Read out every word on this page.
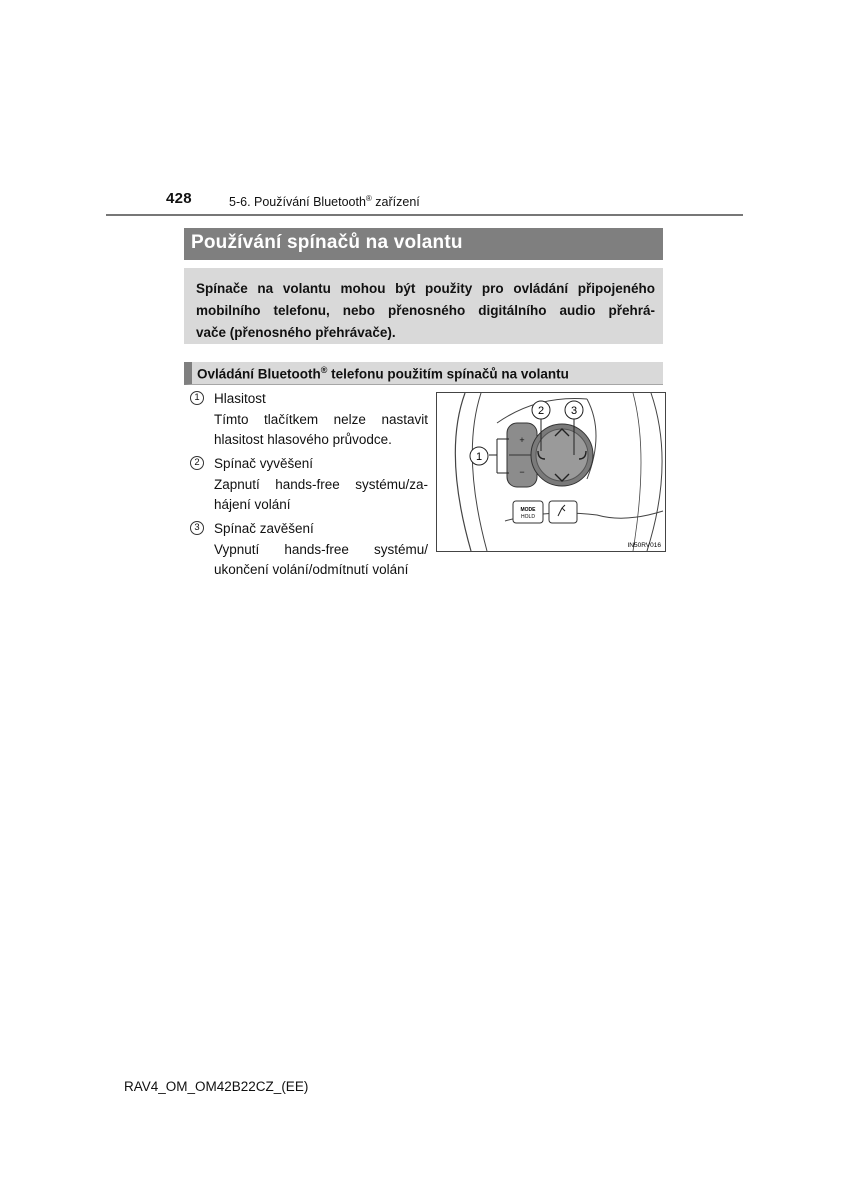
428	5-6. Používání Bluetooth® zařízení
Používání spínačů na volantu
Spínače na volantu mohou být použity pro ovládání připojeného
mobilního telefonu, nebo přenosného digitálního audio přehrá-
vače (přenosného přehrávače).
Ovládání Bluetooth® telefonu použitím spínačů na volantu
1	Hlasitost
Tímto tlačítkem nelze nastavit
hlasitost hlasového průvodce.
2	Spínač vyvěšení
Zapnutí hands-free systému/za-
hájení volání
3	Spínač zavěšení
Vypnutí hands-free systému/
ukončení volání/odmítnutí volání
+
−
MODE
HOLD
1
2 3
IN50RV016
RAV4_OM_OM42B22CZ_(EE)
